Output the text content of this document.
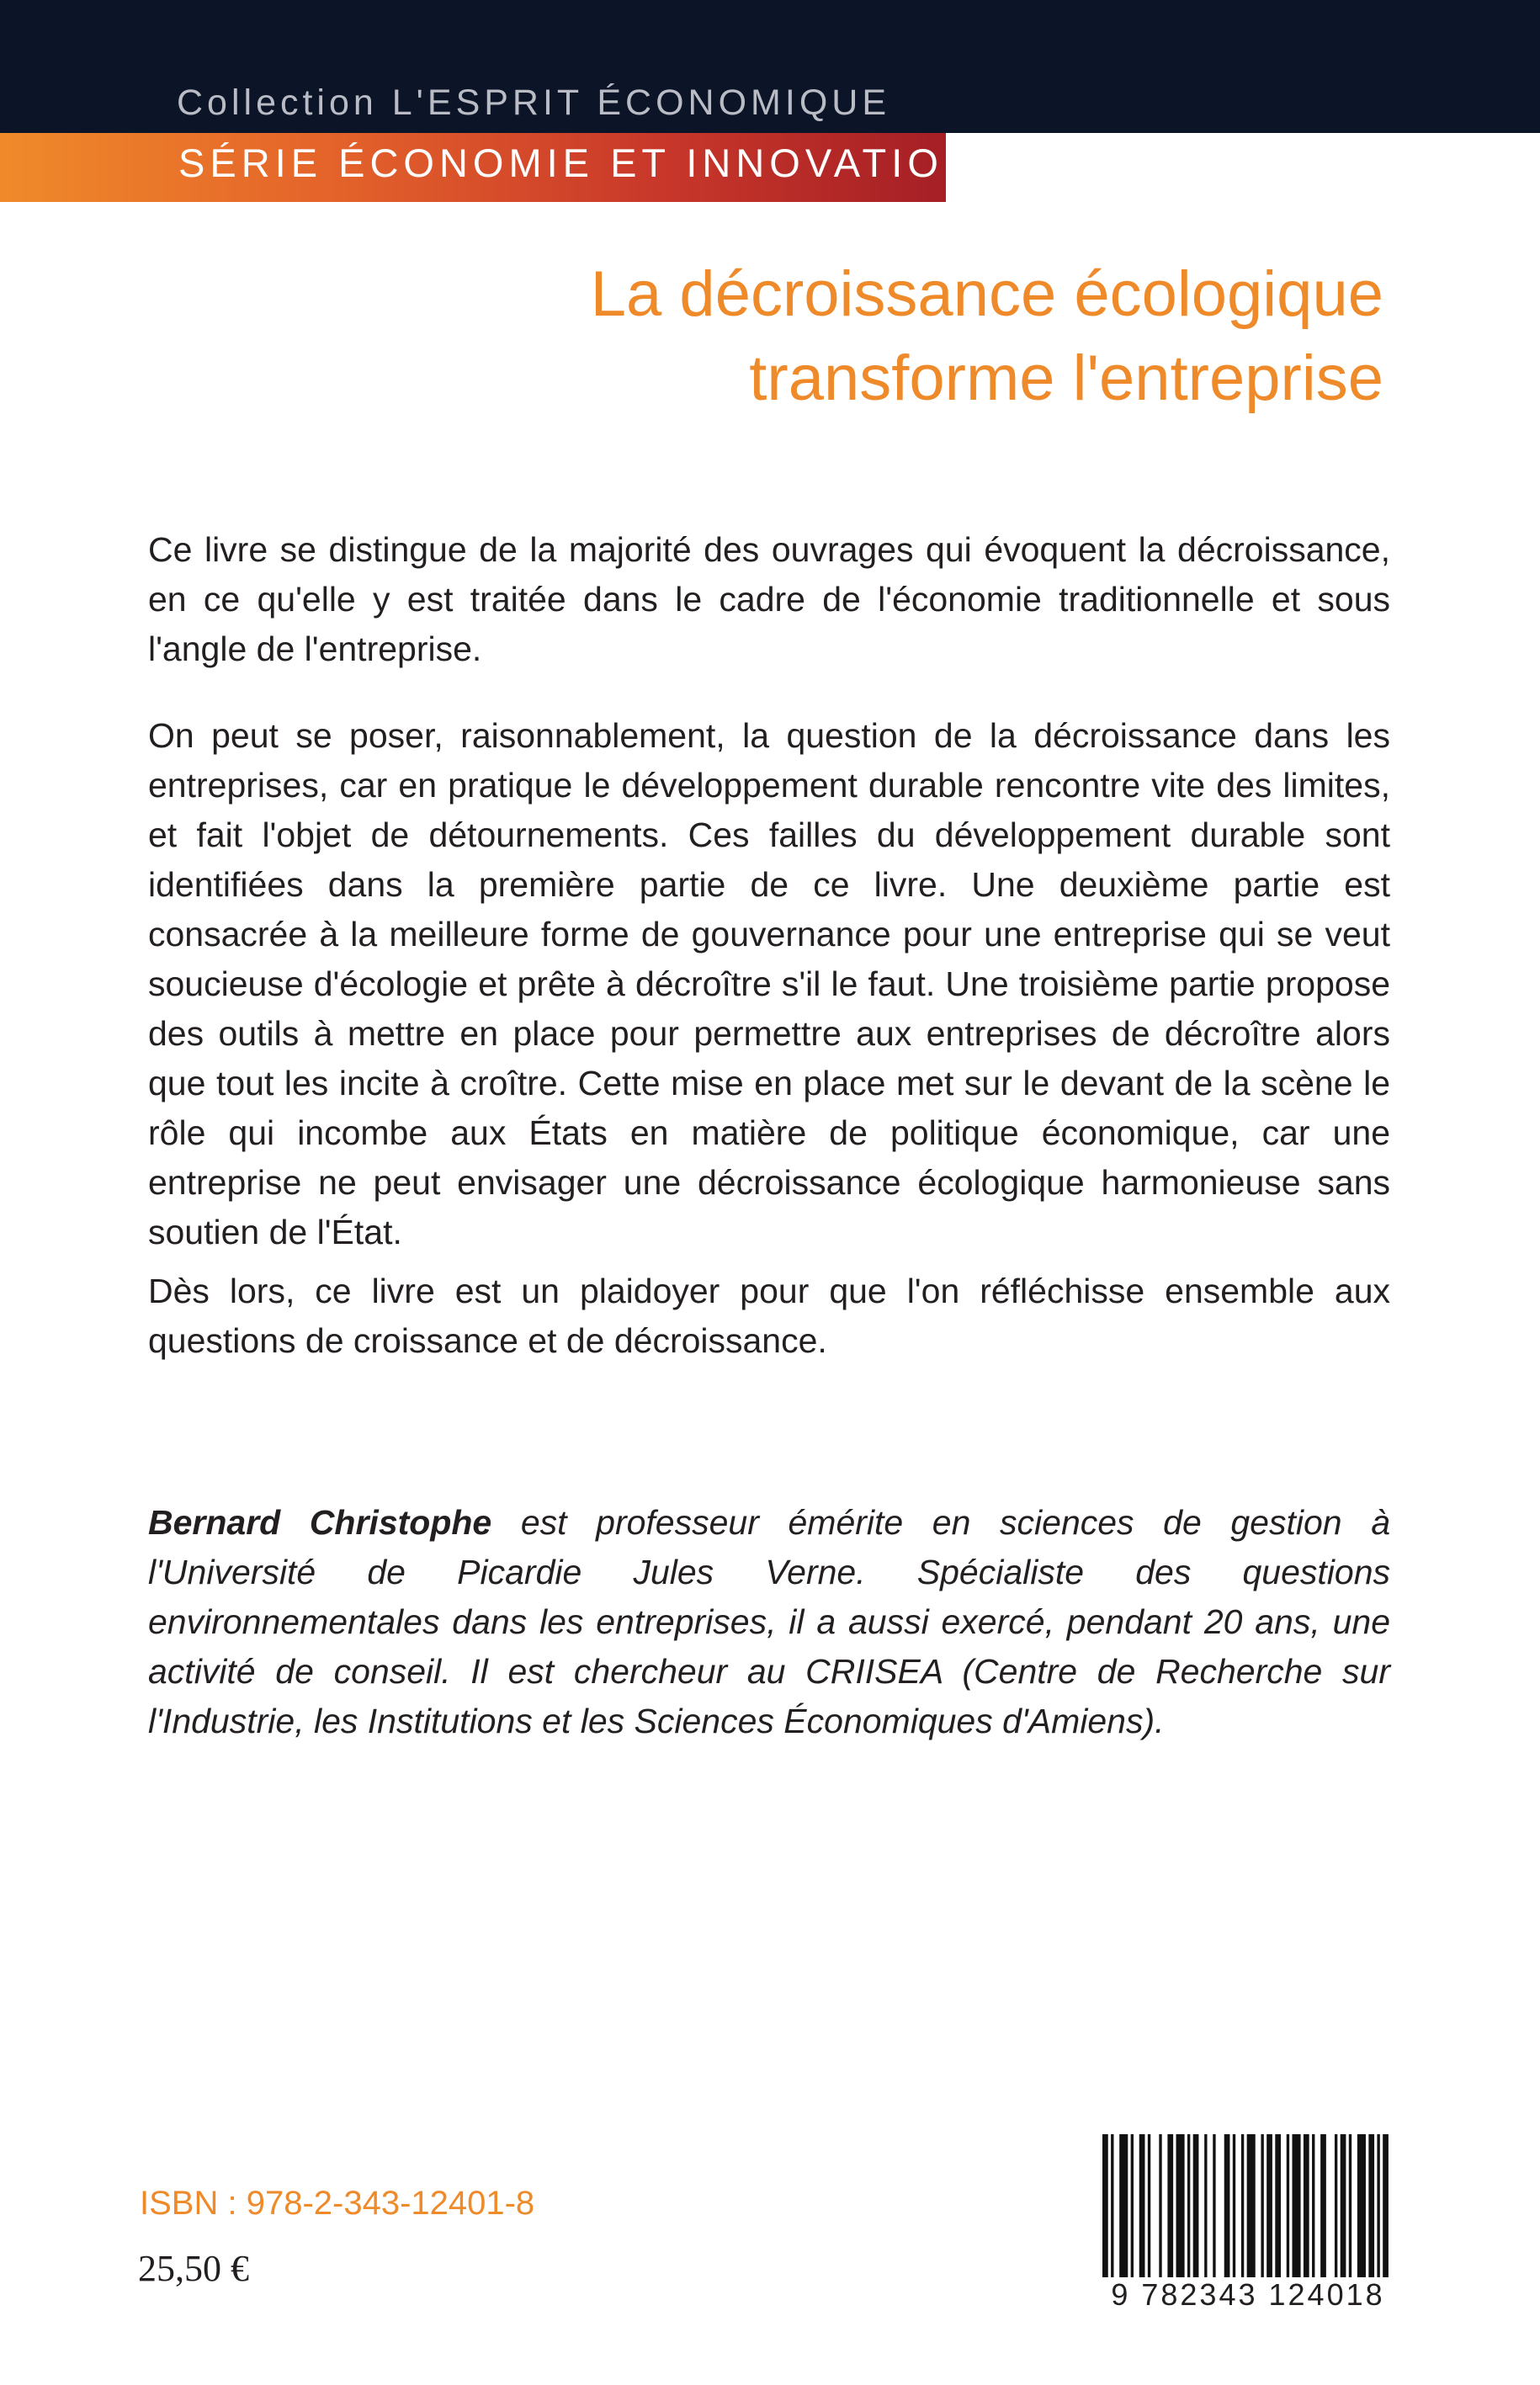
Collection L'ESPRIT ÉCONOMIQUE
SÉRIE ÉCONOMIE ET INNOVATION
La décroissance écologique
transforme l'entreprise
Ce livre se distingue de la majorité des ouvrages qui évoquent la décroissance, en ce qu'elle y est traitée dans le cadre de l'économie traditionnelle et sous l'angle de l'entreprise.
On peut se poser, raisonnablement, la question de la décroissance dans les entreprises, car en pratique le développement durable rencontre vite des limites, et fait l'objet de détournements. Ces failles du développement durable sont identifiées dans la première partie de ce livre. Une deuxième partie est consacrée à la meilleure forme de gouvernance pour une entreprise qui se veut soucieuse d'écologie et prête à décroître s'il le faut. Une troisième partie propose des outils à mettre en place pour permettre aux entreprises de décroître alors que tout les incite à croître. Cette mise en place met sur le devant de la scène le rôle qui incombe aux États en matière de politique économique, car une entreprise ne peut envisager une décroissance écologique harmonieuse sans soutien de l'État.
Dès lors, ce livre est un plaidoyer pour que l'on réfléchisse ensemble aux questions de croissance et de décroissance.
Bernard Christophe est professeur émérite en sciences de gestion à l'Université de Picardie Jules Verne. Spécialiste des questions environnementales dans les entreprises, il a aussi exercé, pendant 20 ans, une activité de conseil. Il est chercheur au CRIISEA (Centre de Recherche sur l'Industrie, les Institutions et les Sciences Économiques d'Amiens).
ISBN : 978-2-343-12401-8
25,50 €
9 782343 124018
